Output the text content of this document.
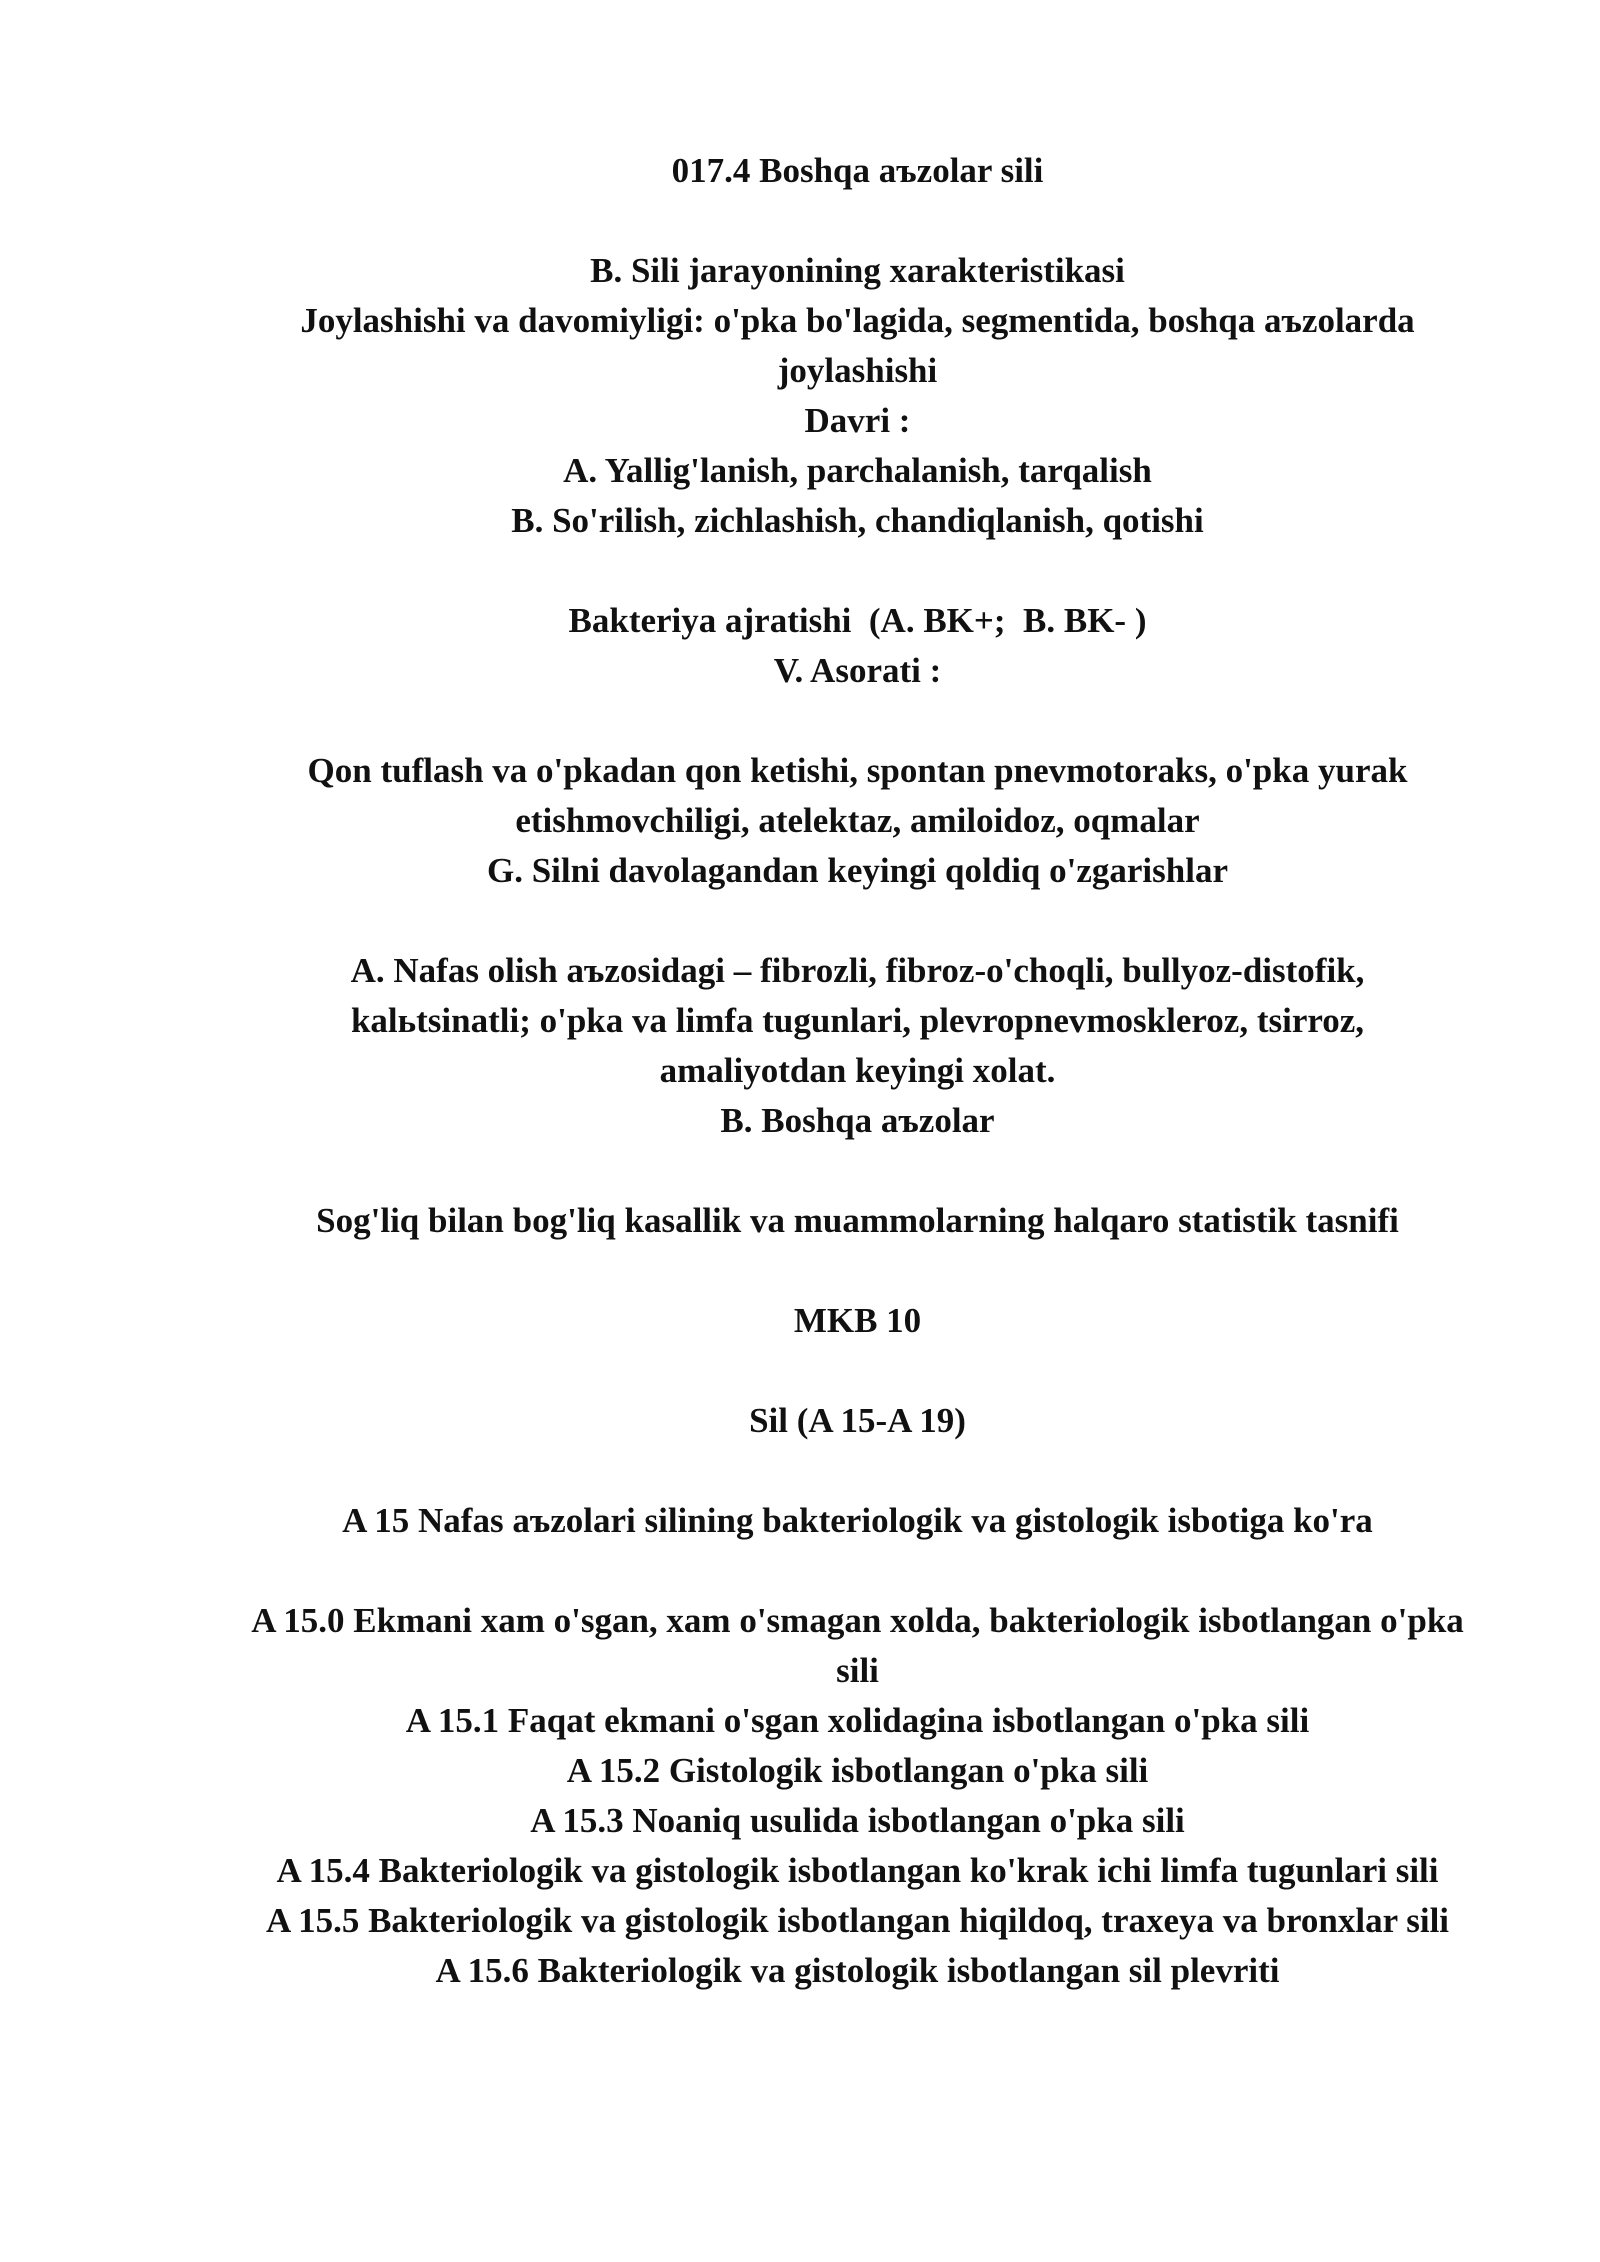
017.4 Boshqa aъzolar sili

B. Sili jarayonining xarakteristikasi

Joylashishi va davomiyligi: o'pka bo'lagida, segmentida, boshqa aъzolarda joylashishi

Davri :

A. Yallig'lanish, parchalanish, tarqalish

B. So'rilish, zichlashish, chandiqlanish, qotishi

Bakteriya ajratishi  (A. BK+;  B. BK- )

V. Asorati :

Qon tuflash va o'pkadan qon ketishi, spontan pnevmotoraks, o'pka yurak etishmovchiligi, atelektaz, amiloidoz, oqmalar

G. Silni davolagandan keyingi qoldiq o'zgarishlar

A. Nafas olish aъzosidagi – fibrozli, fibroz-o'choqli, bullyoz-distofik, kalьtsinatli; o'pka va limfa tugunlari, plevropnevmoskleroz, tsirroz, amaliyotdan keyingi xolat.

B. Boshqa aъzolar

Sog'liq bilan bog'liq kasallik va muammolarning halqaro statistik tasnifi

MKB 10

Sil (A 15-A 19)

A 15 Nafas aъzolari silining bakteriologik va gistologik isbotiga ko'ra

A 15.0 Ekmani xam o'sgan, xam o'smagan xolda, bakteriologik isbotlangan o'pka sili

A 15.1 Faqat ekmani o'sgan xolidagina isbotlangan o'pka sili

A 15.2 Gistologik isbotlangan o'pka sili

A 15.3 Noaniq usulida isbotlangan o'pka sili

A 15.4 Bakteriologik va gistologik isbotlangan ko'krak ichi limfa tugunlari sili

A 15.5 Bakteriologik va gistologik isbotlangan hiqildoq, traxeya va bronxlar sili

A 15.6 Bakteriologik va gistologik isbotlangan sil plevriti
